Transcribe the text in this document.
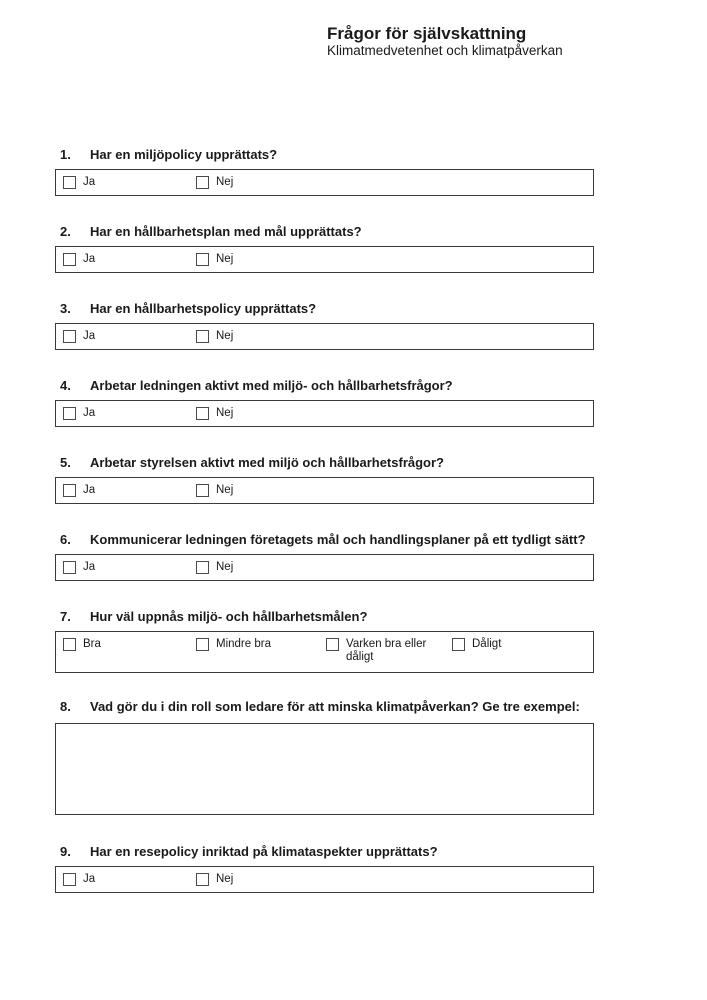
Frågor för självskattning
Klimatmedvetenhet och klimatpåverkan
1. Har en miljöpolicy upprättats?
Ja	Nej
2. Har en hållbarhetsplan med mål upprättats?
Ja	Nej
3. Har en hållbarhetspolicy upprättats?
Ja	Nej
4. Arbetar ledningen aktivt med miljö- och hållbarhetsfrågor?
Ja	Nej
5. Arbetar styrelsen aktivt med miljö och hållbarhetsfrågor?
Ja	Nej
6. Kommunicerar ledningen företagets mål och handlingsplaner på ett tydligt sätt?
Ja	Nej
7. Hur väl uppnås miljö- och hållbarhetsmålen?
Bra	Mindre bra	Varken bra eller dåligt
Dåligt
8. Vad gör du i din roll som ledare för att minska klimatpåverkan? Ge tre exempel:
9. Har en resepolicy inriktad på klimataspekter upprättats?
Ja	Nej
